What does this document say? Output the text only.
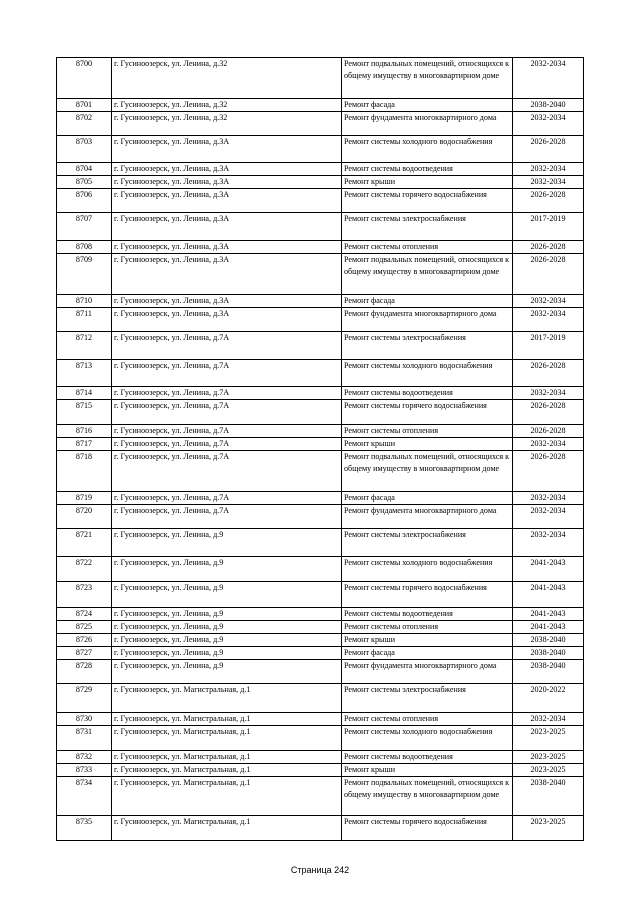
8700	г. Гусиноозерск, ул. Ленина, д.32	Ремонт подвальных помещений, относящихся к общему имуществу в многоквартирном доме	2032-2034
8701	г. Гусиноозерск, ул. Ленина, д.32	Ремонт фасада	2038-2040
8702	г. Гусиноозерск, ул. Ленина, д.32	Ремонт фундамента многоквартирного дома	2032-2034
8703	г. Гусиноозерск, ул. Ленина, д.3А	Ремонт системы холодного водоснабжения	2026-2028
8704	г. Гусиноозерск, ул. Ленина, д.3А	Ремонт системы водоотведения	2032-2034
8705	г. Гусиноозерск, ул. Ленина, д.3А	Ремонт крыши	2032-2034
8706	г. Гусиноозерск, ул. Ленина, д.3А	Ремонт системы горячего водоснабжения	2026-2028
8707	г. Гусиноозерск, ул. Ленина, д.3А	Ремонт системы электроснабжения	2017-2019
8708	г. Гусиноозерск, ул. Ленина, д.3А	Ремонт системы отопления	2026-2028
8709	г. Гусиноозерск, ул. Ленина, д.3А	Ремонт подвальных помещений, относящихся к общему имуществу в многоквартирном доме	2026-2028
8710	г. Гусиноозерск, ул. Ленина, д.3А	Ремонт фасада	2032-2034
8711	г. Гусиноозерск, ул. Ленина, д.3А	Ремонт фундамента многоквартирного дома	2032-2034
8712	г. Гусиноозерск, ул. Ленина, д.7А	Ремонт системы электроснабжения	2017-2019
8713	г. Гусиноозерск, ул. Ленина, д.7А	Ремонт системы холодного водоснабжения	2026-2028
8714	г. Гусиноозерск, ул. Ленина, д.7А	Ремонт системы водоотведения	2032-2034
8715	г. Гусиноозерск, ул. Ленина, д.7А	Ремонт системы горячего водоснабжения	2026-2028
8716	г. Гусиноозерск, ул. Ленина, д.7А	Ремонт системы отопления	2026-2028
8717	г. Гусиноозерск, ул. Ленина, д.7А	Ремонт крыши	2032-2034
8718	г. Гусиноозерск, ул. Ленина, д.7А	Ремонт подвальных помещений, относящихся к общему имуществу в многоквартирном доме	2026-2028
8719	г. Гусиноозерск, ул. Ленина, д.7А	Ремонт фасада	2032-2034
8720	г. Гусиноозерск, ул. Ленина, д.7А	Ремонт фундамента многоквартирного дома	2032-2034
8721	г. Гусиноозерск, ул. Ленина, д.9	Ремонт системы электроснабжения	2032-2034
8722	г. Гусиноозерск, ул. Ленина, д.9	Ремонт системы холодного водоснабжения	2041-2043
8723	г. Гусиноозерск, ул. Ленина, д.9	Ремонт системы горячего водоснабжения	2041-2043
8724	г. Гусиноозерск, ул. Ленина, д.9	Ремонт системы водоотведения	2041-2043
8725	г. Гусиноозерск, ул. Ленина, д.9	Ремонт системы отопления	2041-2043
8726	г. Гусиноозерск, ул. Ленина, д.9	Ремонт крыши	2038-2040
8727	г. Гусиноозерск, ул. Ленина, д.9	Ремонт фасада	2038-2040
8728	г. Гусиноозерск, ул. Ленина, д.9	Ремонт фундамента многоквартирного дома	2038-2040
8729	г. Гусиноозерск, ул. Магистральная, д.1	Ремонт системы электроснабжения	2020-2022
8730	г. Гусиноозерск, ул. Магистральная, д.1	Ремонт системы отопления	2032-2034
8731	г. Гусиноозерск, ул. Магистральная, д.1	Ремонт системы холодного водоснабжения	2023-2025
8732	г. Гусиноозерск, ул. Магистральная, д.1	Ремонт системы водоотведения	2023-2025
8733	г. Гусиноозерск, ул. Магистральная, д.1	Ремонт крыши	2023-2025
8734	г. Гусиноозерск, ул. Магистральная, д.1	Ремонт подвальных помещений, относящихся к общему имуществу в многоквартирном доме	2038-2040
8735	г. Гусиноозерск, ул. Магистральная, д.1	Ремонт системы горячего водоснабжения	2023-2025
Страница 242
